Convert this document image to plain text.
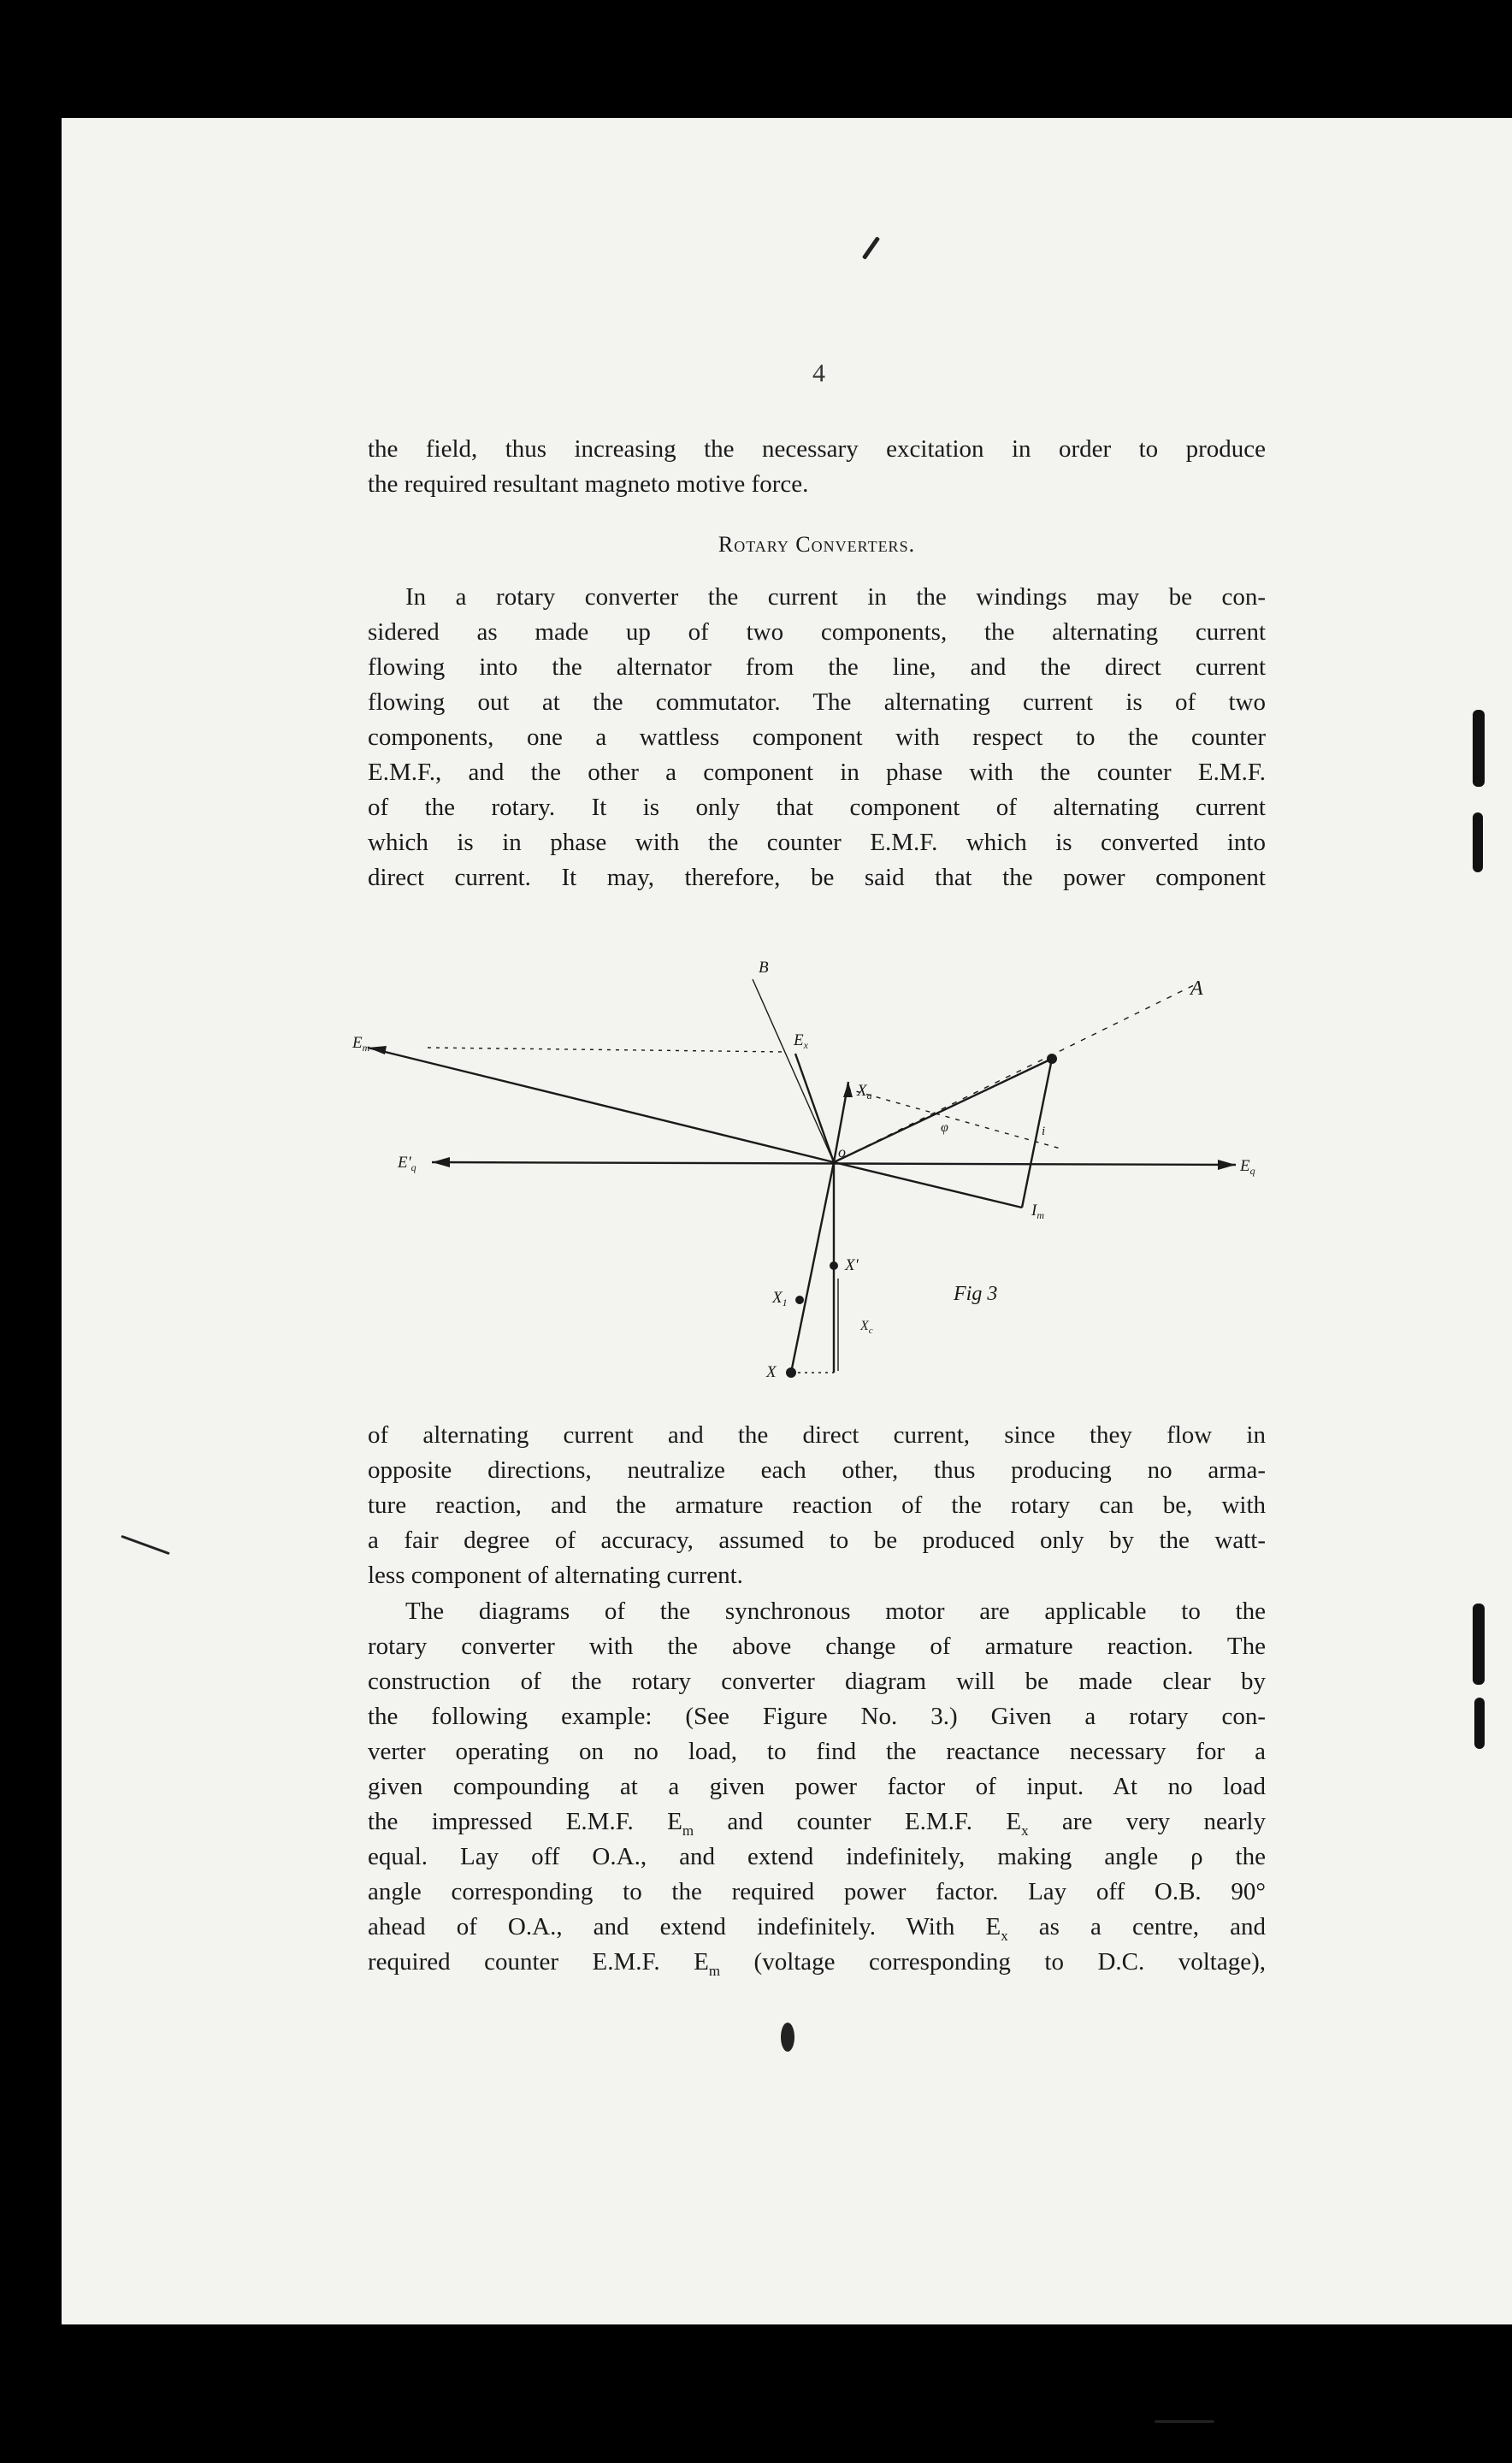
4
the field, thus increasing the necessary excitation in order to produce
the required resultant magneto motive force.
Rotary Converters.
In a rotary converter the current in the windings may be con-
sidered as made up of two components, the alternating current
flowing into the alternator from the line, and the direct current
flowing out at the commutator. The alternating current is of two
components, one a wattless component with respect to the counter
E.M.F., and the other a component in phase with the counter E.M.F.
of the rotary. It is only that component of alternating current
which is in phase with the counter E.M.F. which is converted into
direct current. It may, therefore, be said that the power component
B
A
$E_m$
$E'_q$	$E_q$
$E_x$
$X_a$
φ	i
$I_m$
o
X'
$X_1$
$X_c$
X
Fig 3
of alternating current and the direct current, since they flow in
opposite directions, neutralize each other, thus producing no arma-
ture reaction, and the armature reaction of the rotary can be, with
a fair degree of accuracy, assumed to be produced only by the watt-
less component of alternating current.
The diagrams of the synchronous motor are applicable to the
rotary converter with the above change of armature reaction. The
construction of the rotary converter diagram will be made clear by
the following example: (See Figure No. 3.) Given a rotary con-
verter operating on no load, to find the reactance necessary for a
given compounding at a given power factor of input. At no load
the impressed E.M.F. $E_m$ and counter E.M.F. $E_x$ are very nearly
equal. Lay off O.A., and extend indefinitely, making angle ρ the
angle corresponding to the required power factor. Lay off O.B. 90°
ahead of O.A., and extend indefinitely. With $E_x$ as a centre, and
required counter E.M.F. $E_m$ (voltage corresponding to D.C. voltage),
